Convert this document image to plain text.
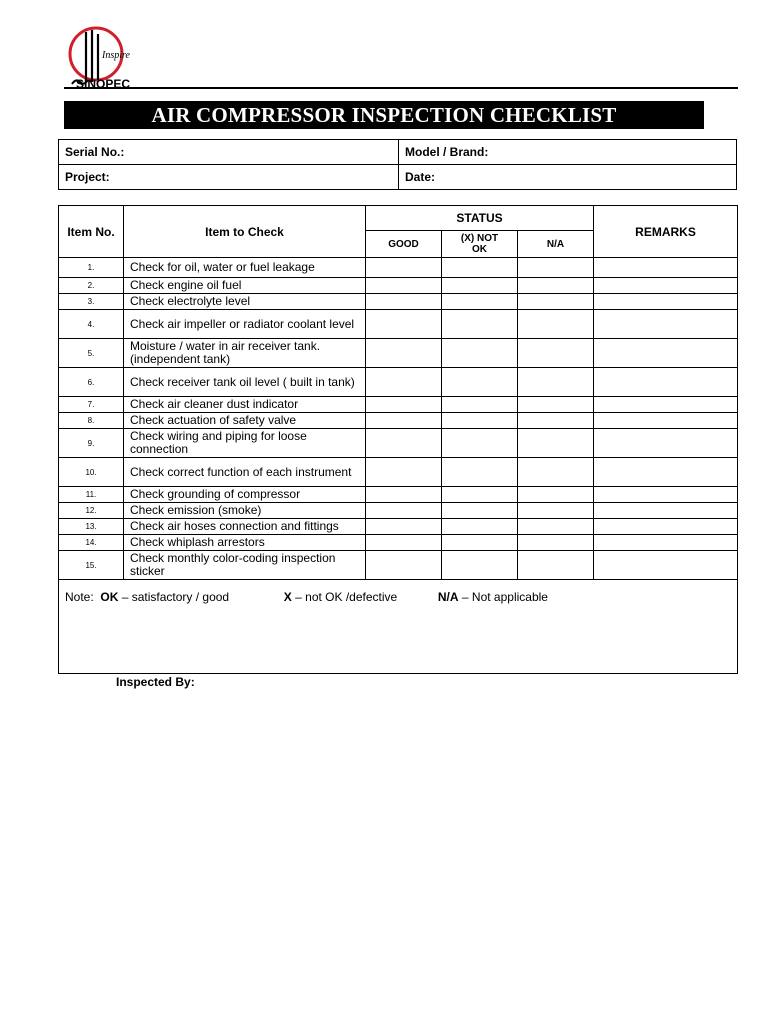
Inspire
SINOPEC
AIR COMPRESSOR INSPECTION CHECKLIST
Serial No.:	Model / Brand:
Project:	Date:
Item No.	Item to Check	STATUS			REMARKS
		GOOD	(X) NOT OK	N/A	
1.	Check for oil, water or fuel leakage				
2.	Check engine oil fuel				
3.	Check electrolyte level				
4.	Check air impeller or radiator coolant level				
5.	Moisture / water in air receiver tank. (independent tank)				
6.	Check receiver tank oil level ( built in tank)				
7.	Check air cleaner dust indicator				
8.	Check actuation of safety valve				
9.	Check wiring and piping for loose connection				
10.	Check correct function of each instrument				
11.	Check grounding of compressor				
12.	Check emission (smoke)				
13.	Check air hoses connection and fittings				
14.	Check whiplash arrestors				
15.	Check monthly color-coding inspection sticker				
Note: OK – satisfactory / good X – not OK /defective N/A – Not applicable					
Inspected By:
